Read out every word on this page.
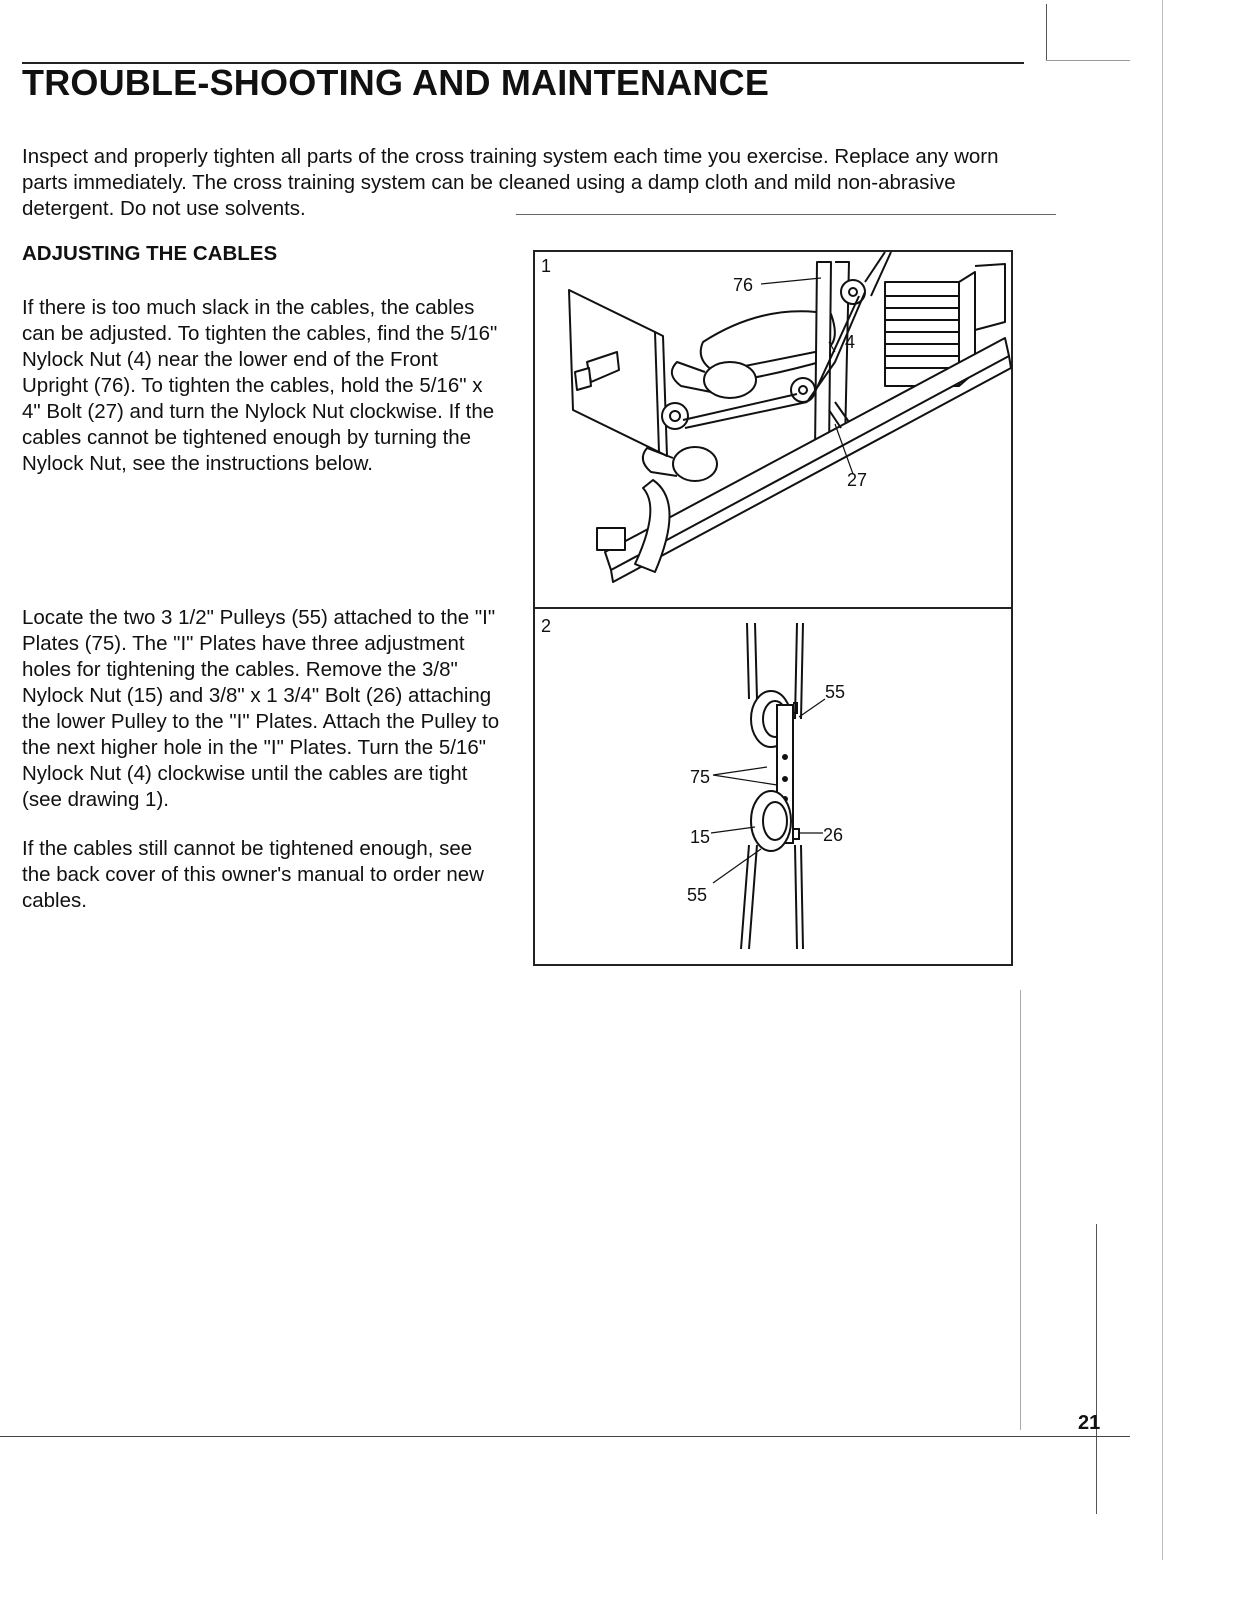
TROUBLE-SHOOTING AND MAINTENANCE

Inspect and properly tighten all parts of the cross training system each time you exercise. Replace any worn parts immediately. The cross training system can be cleaned using a damp cloth and mild non-abrasive detergent. Do not use solvents.

ADJUSTING THE CABLES

If there is too much slack in the cables, the cables can be adjusted. To tighten the cables, find the 5/16" Nylock Nut (4) near the lower end of the Front Upright (76). To tighten the cables, hold the 5/16" x 4" Bolt (27) and turn the Nylock Nut clockwise. If the cables cannot be tightened enough by turning the Nylock Nut, see the instructions below.

Locate the two 3 1/2" Pulleys (55) attached to the "I" Plates (75). The "I" Plates have three adjustment holes for tightening the cables. Remove the 3/8" Nylock Nut (15) and 3/8" x 1 3/4" Bolt (26) attaching the lower Pulley to the "I" Plates. Attach the Pulley to the next higher hole in the "I" Plates. Turn the 5/16" Nylock Nut (4) clockwise until the cables are tight (see drawing 1).

If the cables still cannot be tightened enough, see the back cover of this owner's manual to order new cables.

21

1

2

76
4
27
55
75
15	26
55
